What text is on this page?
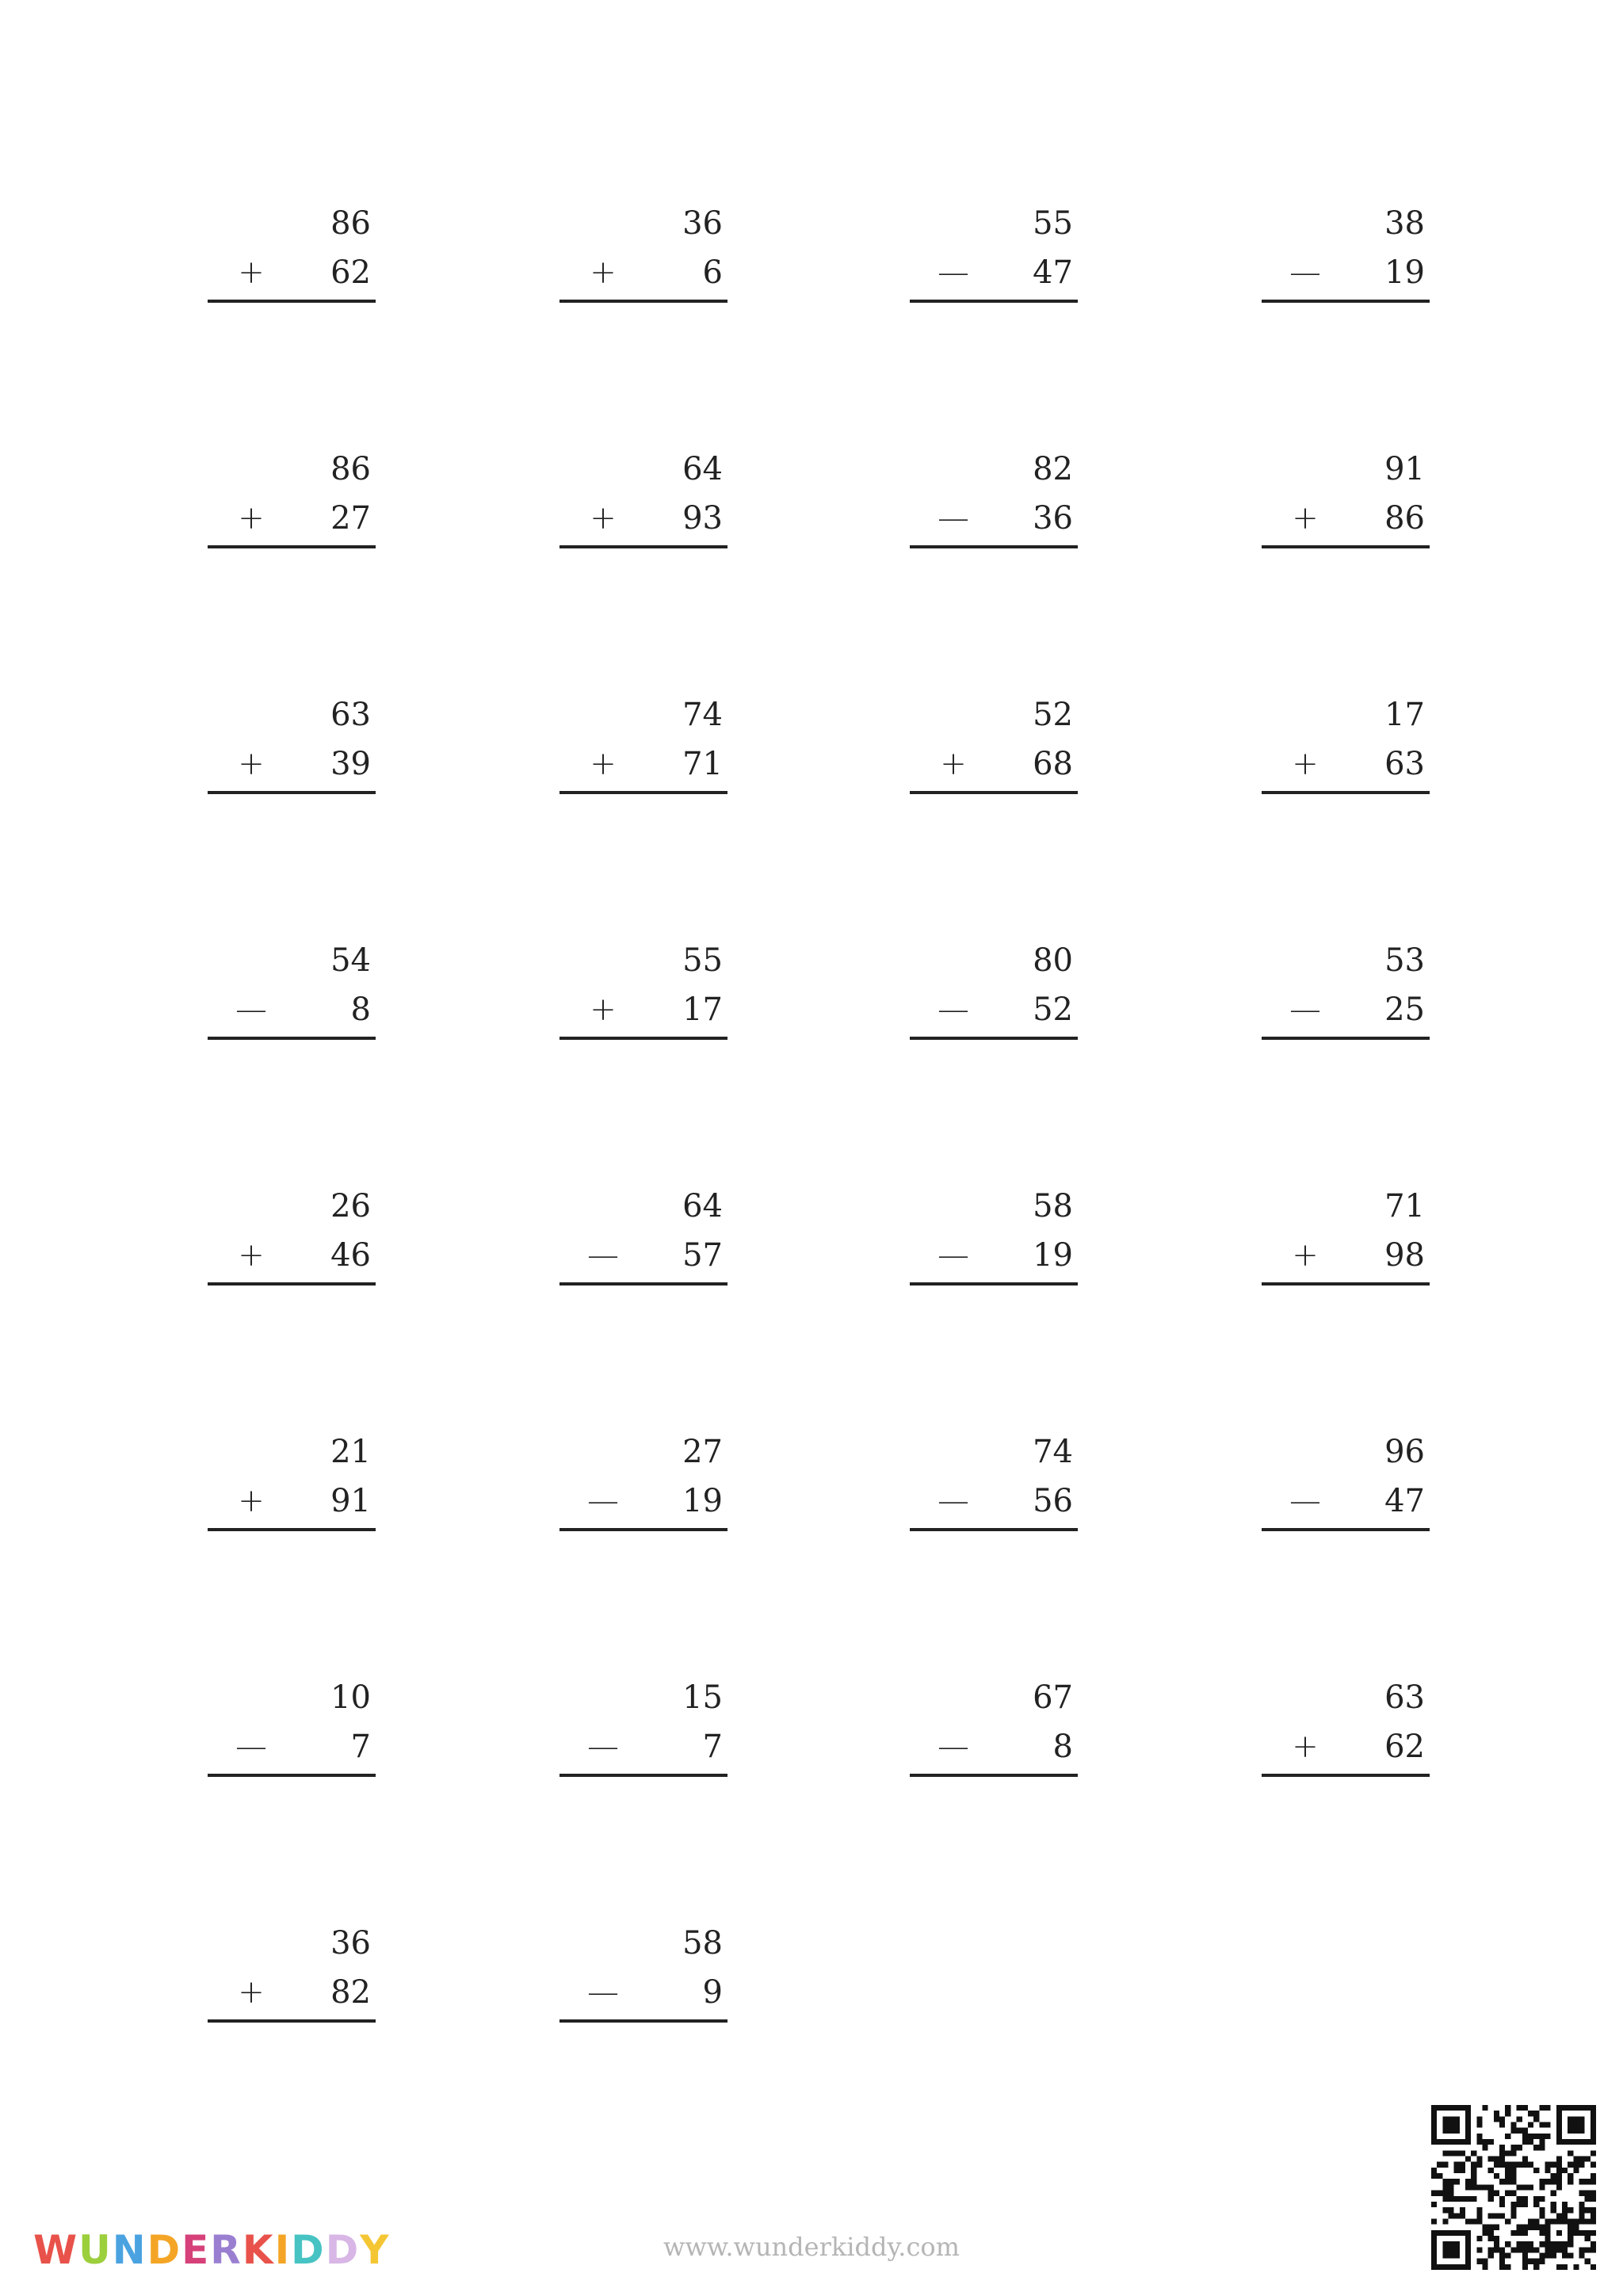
86
+ 62
36
+	6
55
— 47
38
— 19
86
+ 27
64
+ 93
82
— 36
91
+ 86
63
+ 39
74
+ 71
52
+ 68
17
+ 63
54
—	8
55
+ 17
80
— 52
53
— 25
26
+ 46
64
— 57
58
— 19
71
+ 98
21
+ 91
27
— 19
74
— 56
96
— 47
10
—	7
15
—	7
67
—	8
63
+ 62
36
+ 82
58
—	9
W U N D E R K I D D Y	www.wunderkiddy.com
